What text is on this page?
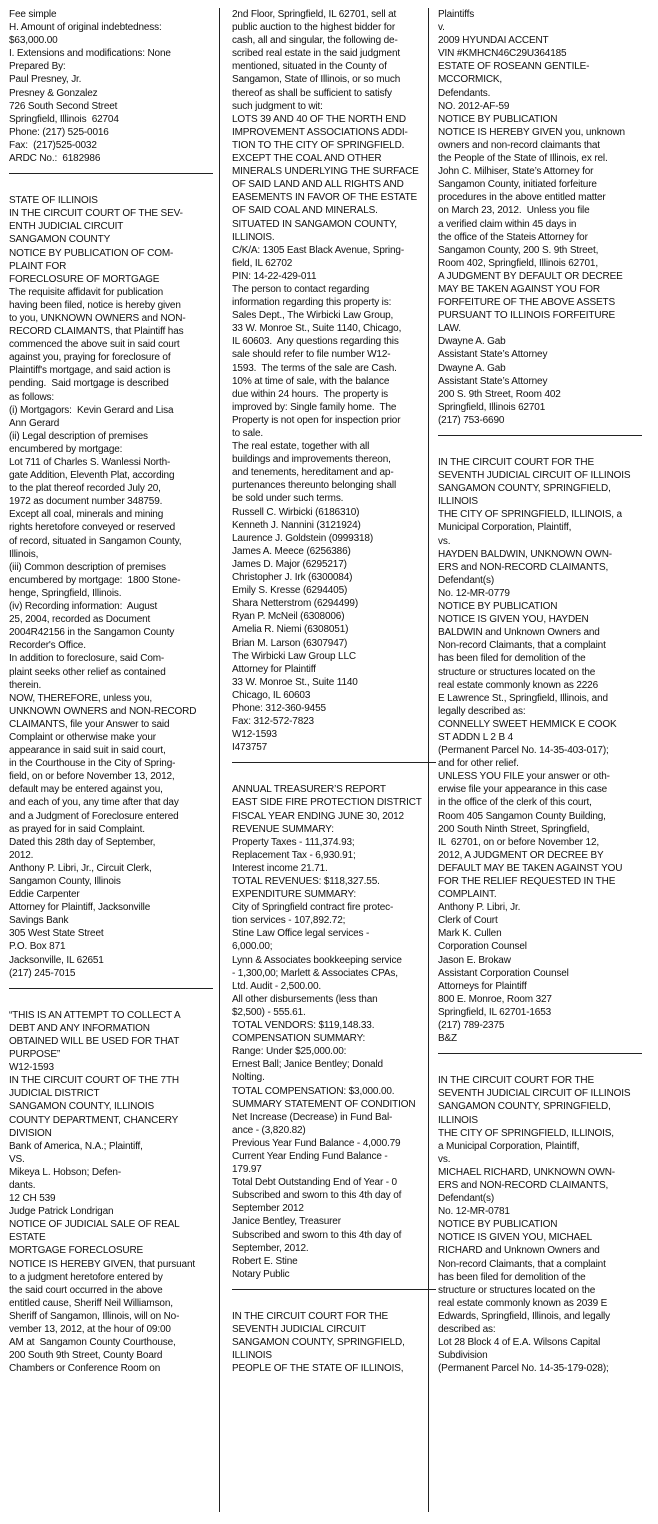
Fee simple
H. Amount of original indebtedness:
$63,000.00
I. Extensions and modifications: None
Prepared By:
Paul Presney, Jr.
Presney & Gonzalez
726 South Second Street
Springfield, Illinois  62704
Phone: (217) 525-0016
Fax:  (217)525-0032
ARDC No.:  6182986
STATE OF ILLINOIS
IN THE CIRCUIT COURT OF THE SEV-
ENTH JUDICIAL CIRCUIT
SANGAMON COUNTY
NOTICE BY PUBLICATION OF COM-
PLAINT FOR
FORECLOSURE OF MORTGAGE
The requisite affidavit for publication
having been filed, notice is hereby given
to you, UNKNOWN OWNERS and NON-
RECORD CLAIMANTS, that Plaintiff has
commenced the above suit in said court
against you, praying for foreclosure of
Plaintiff's mortgage, and said action is
pending.  Said mortgage is described
as follows:
(i) Mortgagors:  Kevin Gerard and Lisa
Ann Gerard
(ii) Legal description of premises
encumbered by mortgage:
Lot 711 of Charles S. Wanlessi North-
gate Addition, Eleventh Plat, according
to the plat thereof recorded July 20,
1972 as document number 348759.
Except all coal, minerals and mining
rights heretofore conveyed or reserved
of record, situated in Sangamon County,
Illinois,
(iii) Common description of premises
encumbered by mortgage:  1800 Stone-
henge, Springfield, Illinois.
(iv) Recording information:  August
25, 2004, recorded as Document
2004R42156 in the Sangamon County
Recorder's Office.
In addition to foreclosure, said Com-
plaint seeks other relief as contained
therein.
NOW, THEREFORE, unless you,
UNKNOWN OWNERS and NON-RECORD
CLAIMANTS, file your Answer to said
Complaint or otherwise make your
appearance in said suit in said court,
in the Courthouse in the City of Spring-
field, on or before November 13, 2012,
default may be entered against you,
and each of you, any time after that day
and a Judgment of Foreclosure entered
as prayed for in said Complaint.
Dated this 28th day of September,
2012.
Anthony P. Libri, Jr., Circuit Clerk,
Sangamon County, Illinois
Eddie Carpenter
Attorney for Plaintiff, Jacksonville
Savings Bank
305 West State Street
P.O. Box 871
Jacksonville, IL 62651
(217) 245-7015
“THIS IS AN ATTEMPT TO COLLECT A
DEBT AND ANY INFORMATION
OBTAINED WILL BE USED FOR THAT
PURPOSE”
W12-1593
IN THE CIRCUIT COURT OF THE 7TH
JUDICIAL DISTRICT
SANGAMON COUNTY, ILLINOIS
COUNTY DEPARTMENT, CHANCERY
DIVISION
Bank of America, N.A.; Plaintiff,
VS.
Mikeya L. Hobson; Defen-
dants.
12 CH 539
Judge Patrick Londrigan
NOTICE OF JUDICIAL SALE OF REAL
ESTATE
MORTGAGE FORECLOSURE
NOTICE IS HEREBY GIVEN, that pursuant
to a judgment heretofore entered by
the said court occurred in the above
entitled cause, Sheriff Neil Williamson,
Sheriff of Sangamon, Illinois, will on No-
vember 13, 2012, at the hour of 09:00
AM at  Sangamon County Courthouse,
200 South 9th Street, County Board
Chambers or Conference Room on
2nd Floor, Springfield, IL 62701, sell at
public auction to the highest bidder for
cash, all and singular, the following de-
scribed real estate in the said judgment
mentioned, situated in the County of
Sangamon, State of Illinois, or so much
thereof as shall be sufficient to satisfy
such judgment to wit:
LOTS 39 AND 40 OF THE NORTH END
IMPROVEMENT ASSOCIATIONS ADDI-
TION TO THE CITY OF SPRINGFIELD.
EXCEPT THE COAL AND OTHER
MINERALS UNDERLYING THE SURFACE
OF SAID LAND AND ALL RIGHTS AND
EASEMENTS IN FAVOR OF THE ESTATE
OF SAID COAL AND MINERALS.
SITUATED IN SANGAMON COUNTY,
ILLINOIS.
C/K/A: 1305 East Black Avenue, Spring-
field, IL 62702
PIN: 14-22-429-011
The person to contact regarding
information regarding this property is:
Sales Dept., The Wirbicki Law Group,
33 W. Monroe St., Suite 1140, Chicago,
IL 60603.  Any questions regarding this
sale should refer to file number W12-
1593.  The terms of the sale are Cash.
10% at time of sale, with the balance
due within 24 hours.  The property is
improved by: Single family home.  The
Property is not open for inspection prior
to sale.
The real estate, together with all
buildings and improvements thereon,
and tenements, hereditament and ap-
purtenances thereunto belonging shall
be sold under such terms.
Russell C. Wirbicki (6186310)
Kenneth J. Nannini (3121924)
Laurence J. Goldstein (0999318)
James A. Meece (6256386)
James D. Major (6295217)
Christopher J. Irk (6300084)
Emily S. Kresse (6294405)
Shara Netterstrom (6294499)
Ryan P. McNeil (6308006)
Amelia R. Niemi (6308051)
Brian M. Larson (6307947)
The Wirbicki Law Group LLC
Attorney for Plaintiff
33 W. Monroe St., Suite 1140
Chicago, IL 60603
Phone: 312-360-9455
Fax: 312-572-7823
W12-1593
I473757
ANNUAL TREASURER’S REPORT
EAST SIDE FIRE PROTECTION DISTRICT
FISCAL YEAR ENDING JUNE 30, 2012
REVENUE SUMMARY:
Property Taxes - 111,374.93;
Replacement Tax - 6,930.91;
Interest income 21.71.
TOTAL REVENUES: $118,327.55.
EXPENDITURE SUMMARY:
City of Springfield contract fire protec-
tion services - 107,892.72;
Stine Law Office legal services -
6,000.00;
Lynn & Associates bookkeeping service
- 1,300,00; Marlett & Associates CPAs,
Ltd. Audit - 2,500.00.
All other disbursements (less than
$2,500) - 555.61.
TOTAL VENDORS: $119,148.33.
COMPENSATION SUMMARY:
Range: Under $25,000.00:
Ernest Ball; Janice Bentley; Donald
Nolting.
TOTAL COMPENSATION: $3,000.00.
SUMMARY STATEMENT OF CONDITION
Net Increase (Decrease) in Fund Bal-
ance - (3,820.82)
Previous Year Fund Balance - 4,000.79
Current Year Ending Fund Balance -
179.97
Total Debt Outstanding End of Year - 0
Subscribed and sworn to this 4th day of
September 2012
Janice Bentley, Treasurer
Subscribed and sworn to this 4th day of
September, 2012.
Robert E. Stine
Notary Public
IN THE CIRCUIT COURT FOR THE
SEVENTH JUDICIAL CIRCUIT
SANGAMON COUNTY, SPRINGFIELD,
ILLINOIS
PEOPLE OF THE STATE OF ILLINOIS,
Plaintiffs
v.
2009 HYUNDAI ACCENT
VIN #KMHCN46C29U364185
ESTATE OF ROSEANN GENTILE-
MCCORMICK,
Defendants.
NO. 2012-AF-59
NOTICE BY PUBLICATION
NOTICE IS HEREBY GIVEN you, unknown
owners and non-record claimants that
the People of the State of Illinois, ex rel.
John C. Milhiser, State’s Attorney for
Sangamon County, initiated forfeiture
procedures in the above entitled matter
on March 23, 2012.  Unless you file
a verified claim within 45 days in
the office of the Stateis Attorney for
Sangamon County, 200 S. 9th Street,
Room 402, Springfield, Illinois 62701,
A JUDGMENT BY DEFAULT OR DECREE
MAY BE TAKEN AGAINST YOU FOR
FORFEITURE OF THE ABOVE ASSETS
PURSUANT TO ILLINOIS FORFEITURE
LAW.
Dwayne A. Gab
Assistant State’s Attorney
Dwayne A. Gab
Assistant State’s Attorney
200 S. 9th Street, Room 402
Springfield, Illinois 62701
(217) 753-6690
IN THE CIRCUIT COURT FOR THE
SEVENTH JUDICIAL CIRCUIT OF ILLINOIS
SANGAMON COUNTY, SPRINGFIELD,
ILLINOIS
THE CITY OF SPRINGFIELD, ILLINOIS, a
Municipal Corporation, Plaintiff,
vs.
HAYDEN BALDWIN, UNKNOWN OWN-
ERS and NON-RECORD CLAIMANTS,
Defendant(s)
No. 12-MR-0779
NOTICE BY PUBLICATION
NOTICE IS GIVEN YOU, HAYDEN
BALDWIN and Unknown Owners and
Non-record Claimants, that a complaint
has been filed for demolition of the
structure or structures located on the
real estate commonly known as 2226
E Lawrence St., Springfield, Illinois, and
legally described as:
CONNELLY SWEET HEMMICK E COOK
ST ADDN L 2 B 4
(Permanent Parcel No. 14-35-403-017);
and for other relief.
UNLESS YOU FILE your answer or oth-
erwise file your appearance in this case
in the office of the clerk of this court,
Room 405 Sangamon County Building,
200 South Ninth Street, Springfield,
IL  62701, on or before November 12,
2012, A JUDGMENT OR DECREE BY
DEFAULT MAY BE TAKEN AGAINST YOU
FOR THE RELIEF REQUESTED IN THE
COMPLAINT.
Anthony P. Libri, Jr.
Clerk of Court
Mark K. Cullen
Corporation Counsel
Jason E. Brokaw
Assistant Corporation Counsel
Attorneys for Plaintiff
800 E. Monroe, Room 327
Springfield, IL 62701-1653
(217) 789-2375
B&Z
IN THE CIRCUIT COURT FOR THE
SEVENTH JUDICIAL CIRCUIT OF ILLINOIS
SANGAMON COUNTY, SPRINGFIELD,
ILLINOIS
THE CITY OF SPRINGFIELD, ILLINOIS,
a Municipal Corporation, Plaintiff,
vs.
MICHAEL RICHARD, UNKNOWN OWN-
ERS and NON-RECORD CLAIMANTS,
Defendant(s)
No. 12-MR-0781
NOTICE BY PUBLICATION
NOTICE IS GIVEN YOU, MICHAEL
RICHARD and Unknown Owners and
Non-record Claimants, that a complaint
has been filed for demolition of the
structure or structures located on the
real estate commonly known as 2039 E
Edwards, Springfield, Illinois, and legally
described as:
Lot 28 Block 4 of E.A. Wilsons Capital
Subdivision
(Permanent Parcel No. 14-35-179-028);
